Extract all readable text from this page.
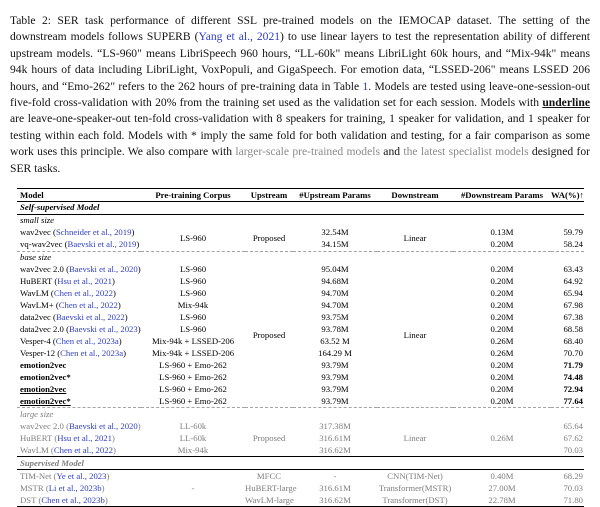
Table 2: SER task performance of different SSL pre-trained models on the IEMOCAP dataset. The setting of the downstream models follows SUPERB (Yang et al., 2021) to use linear layers to test the representation ability of different upstream models. “LS-960" means LibriSpeech 960 hours, “LL-60k" means LibriLight 60k hours, and “Mix-94k" means 94k hours of data including LibriLight, VoxPopuli, and GigaSpeech. For emotion data, “LSSED-206" means LSSED 206 hours, and “Emo-262" refers to the 262 hours of pre-training data in Table 1. Models are tested using leave-one-session-out five-fold cross-validation with 20% from the training set used as the validation set for each session. Models with underline are leave-one-speaker-out ten-fold cross-validation with 8 speakers for training, 1 speaker for validation, and 1 speaker for testing within each fold. Models with * imply the same fold for both validation and testing, for a fair comparison as some work uses this principle. We also compare with larger-scale pre-trained models and the latest specialist models designed for SER tasks.
Model	Pre-training Corpus	Upstream	#Upstream Params	Downstream	#Downstream Params	WA(%)↑
Self-supervised Model						
small size						
wav2vec (Schneider et al., 2019)	LS-960	Proposed	32.54M	Linear	0.13M	59.79
vq-wav2vec (Baevski et al., 2019)			34.15M		0.20M	58.24
base size						
wav2vec 2.0 (Baevski et al., 2020)	LS-960	Proposed	95.04M	Linear	0.20M	63.43
HuBERT (Hsu et al., 2021)	LS-960		94.68M		0.20M	64.92
WavLM (Chen et al., 2022)	LS-960		94.70M		0.20M	65.94
WavLM+ (Chen et al., 2022)	Mix-94k		94.70M		0.20M	67.98
data2vec (Baevski et al., 2022)	LS-960		93.75M		0.20M	67.38
data2vec 2.0 (Baevski et al., 2023)	LS-960		93.78M		0.20M	68.58
Vesper-4 (Chen et al., 2023a)	Mix-94k + LSSED-206		63.52 M		0.26M	68.40
Vesper-12 (Chen et al., 2023a)	Mix-94k + LSSED-206		164.29 M		0.26M	70.70
emotion2vec	LS-960 + Emo-262		93.79M		0.20M	71.79
emotion2vec*	LS-960 + Emo-262		93.79M		0.20M	74.48
emotion2vec	LS-960 + Emo-262		93.79M		0.20M	72.94
emotion2vec*	LS-960 + Emo-262		93.79M		0.20M	77.64
large size						
wav2vec 2.0 (Baevski et al., 2020)	LL-60k	Proposed	317.38M	Linear	0.26M	65.64
HuBERT (Hsu et al., 2021)	LL-60k		316.61M			67.62
WavLM (Chen et al., 2022)	Mix-94k		316.62M			70.03
Supervised Model						
TIM-Net (Ye et al., 2023)	-	MFCC	-	CNN(TIM-Net)	0.40M	68.29
MSTR (Li et al., 2023b)		HuBERT-large	316.61M	Transformer(MSTR)	27.00M	70.03
DST (Chen et al., 2023b)		WavLM-large	316.62M	Transformer(DST)	22.78M	71.80
